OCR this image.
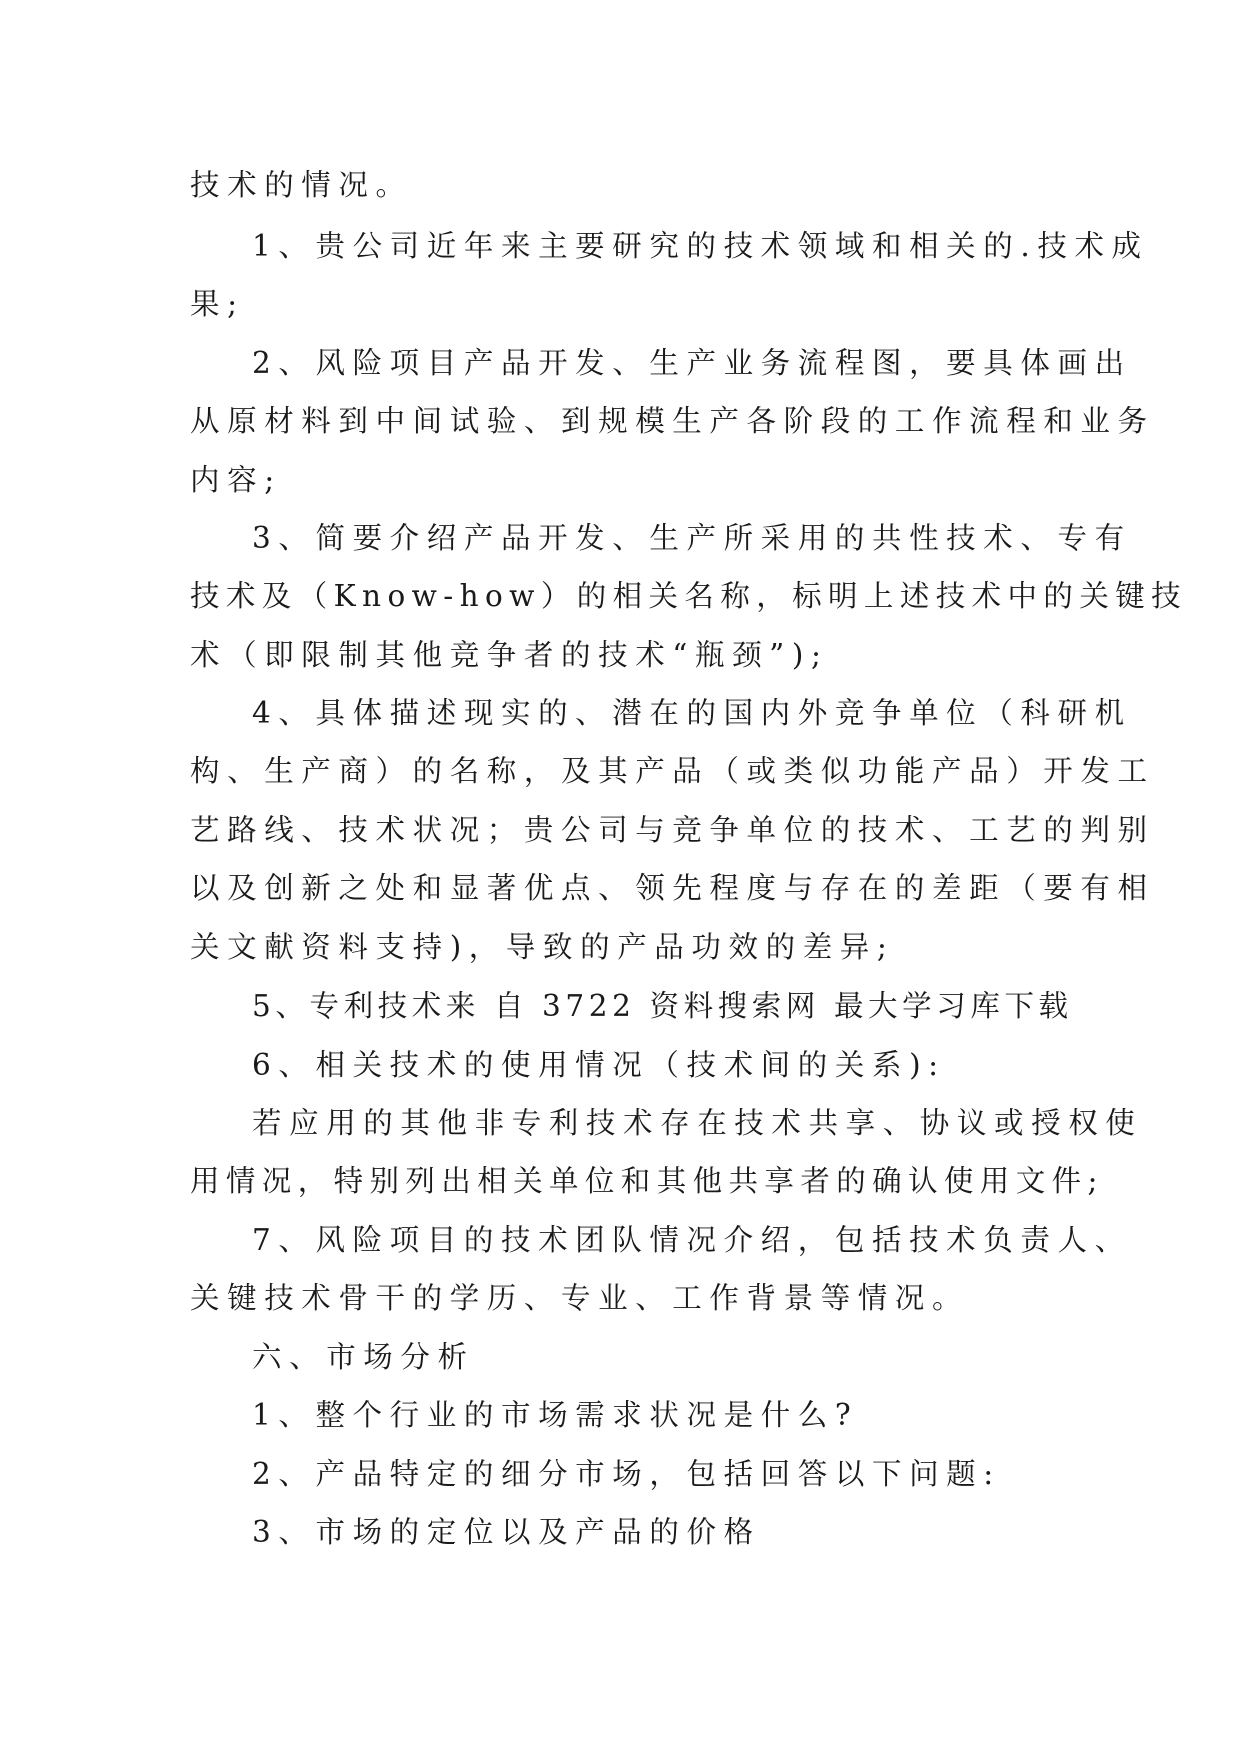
技术的情况。

1、贵公司近年来主要研究的技术领域和相关的.技术成

果;

2、风险项目产品开发、生产业务流程图，要具体画出

从原材料到中间试验、到规模生产各阶段的工作流程和业务

内容;

3、简要介绍产品开发、生产所采用的共性技术、专有

技术及（Know-how）的相关名称，标明上述技术中的关键技

术（即限制其他竞争者的技术“瓶颈”);

4、具体描述现实的、潜在的国内外竞争单位（科研机

构、生产商）的名称，及其产品（或类似功能产品）开发工

艺路线、技术状况；贵公司与竞争单位的技术、工艺的判别

以及创新之处和显著优点、领先程度与存在的差距（要有相

关文献资料支持)，导致的产品功效的差异;

5、专利技术来 自 3722 资料搜索网 最大学习库下载

6、相关技术的使用情况（技术间的关系):

若应用的其他非专利技术存在技术共享、协议或授权使

用情况，特别列出相关单位和其他共享者的确认使用文件;

7、风险项目的技术团队情况介绍，包括技术负责人、

关键技术骨干的学历、专业、工作背景等情况。

六、市场分析

1、整个行业的市场需求状况是什么?

2、产品特定的细分市场，包括回答以下问题:

3、市场的定位以及产品的价格
